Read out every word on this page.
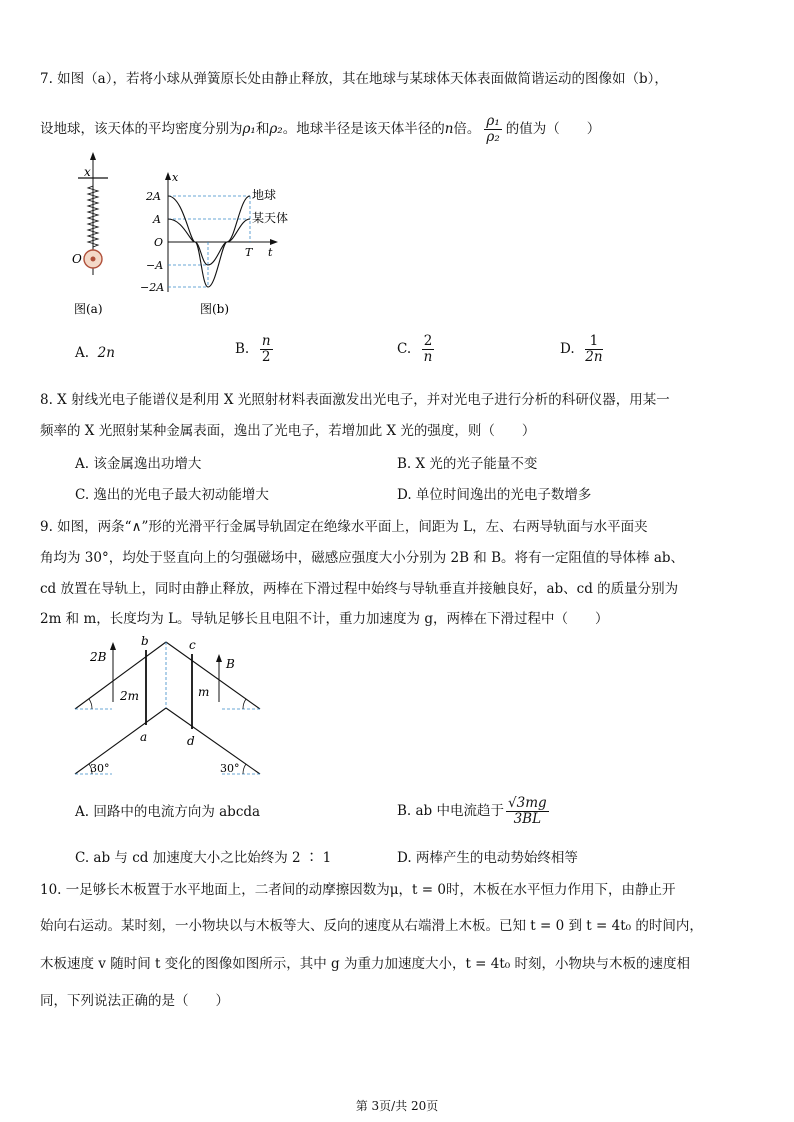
7. 如图（a），若将小球从弹簧原长处由静止释放，其在地球与某球体天体表面做简谐运动的图像如（b），
设地球，该天体的平均密度分别为ρ₁和ρ₂。地球半径是该天体半径的n倍。 $\frac{\text{ρ₁}}{\text{ρ₂}}$ 的值为（　　）
x
O
图(a)
x
t
O
T
2A
A
−A
−2A
地球
某天体
图(b)
A. 2n	B. $\frac{n}{2}$	C. $\frac{2}{n}$	D. $\frac{1}{2n}$
8. X 射线光电子能谱仪是利用 X 光照射材料表面激发出光电子，并对光电子进行分析的科研仪器，用某一
频率的 X 光照射某种金属表面，逸出了光电子，若增加此 X 光的强度，则（　　）
A. 该金属逸出功增大	B. X 光的光子能量不变
C. 逸出的光电子最大初动能增大	D. 单位时间逸出的光电子数增多
9. 如图，两条“∧”形的光滑平行金属导轨固定在绝缘水平面上，间距为 L，左、右两导轨面与水平面夹
角均为 30°，均处于竖直向上的匀强磁场中，磁感应强度大小分别为 2B 和 B。将有一定阻值的导体棒 ab、
cd 放置在导轨上，同时由静止释放，两棒在下滑过程中始终与导轨垂直并接触良好，ab、cd 的质量分别为
2m 和 m，长度均为 L。导轨足够长且电阻不计，重力加速度为 g，两棒在下滑过程中（　　）
2B	B
2m	m
b
a
c
d
30°	30°
A. 回路中的电流方向为 abcda	B. ab 中电流趋于 $\frac{√3mg}{3BL}$
C. ab 与 cd 加速度大小之比始终为 2 ∶ 1	D. 两棒产生的电动势始终相等
10. 一足够长木板置于水平地面上，二者间的动摩擦因数为μ，t = 0时，木板在水平恒力作用下，由静止开
始向右运动。某时刻，一小物块以与木板等大、反向的速度从右端滑上木板。已知 t = 0 到 t = 4t₀ 的时间内，
木板速度 v 随时间 t 变化的图像如图所示，其中 g 为重力加速度大小，t = 4t₀ 时刻，小物块与木板的速度相
同，下列说法正确的是（　　）
第 3页/共 20页
